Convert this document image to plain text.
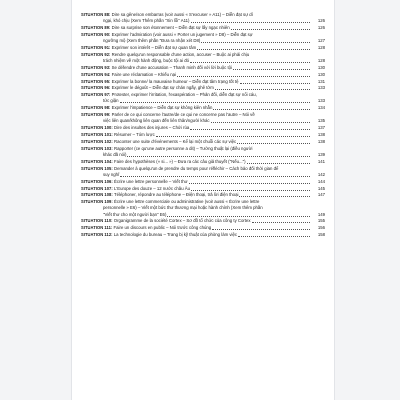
SITUATION 88:
Dire sa gêne/son embarras (voir aussi « S'excuser » A11) – Diễn đạt sự dí
ngại, khó chịu (Xem Thêm phần "Xin lỗi" A11)	126
SITUATION 89:
Dire sa surprise son étonnement – Diễn đạt sự lấy ngạc nhiên	126
SITUATION 90:
Exprimer l'admiration (voir aussi « Porter un jugement » D8) – Diễn đạt sự
ngưỡng mộ (Xem thêm phần "Đưa ra nhận xét D8)	127
SITUATION 91:
Exprimer son intérêt – Diễn đạt sự quan tâm	128
SITUATION 92:
Rendre quelqu'un responsable d'une action, accuser – Buộc ai phải chịu
trách nhiệm về một hành động, buộc tội ai đó	128
SITUATION 93:
Se défendre d'une accusation – Thanh minh đối với lời buộc tội	130
SITUATION 94:
Faire une réclamation – Khiếu nại	130
SITUATION 95:
Exprimer la bonne/ la mauvaise humeur – Diễn đạt tâm trạng tốt tệ	131
SITUATION 96:
Exprimer le dégoût – Diễn đạt sự chán ngấy, ghê tởm	133
SITUATION 97:
Protester, exprimer l'irritation, l'exaspération – Phản đối, diễn đạt sự nổi cáu,
tức giận	133
SITUATION 98:
Exprimer l'impatience – Diễn đạt sự không kiên nhẫn	134
SITUATION 99:
Parler de ce qui concerne l'autre/de ce qui ne concerne pas l'autre – Nói về
việc liên quan/không liên quan đến liên thân/người khác	135
SITUATION 100:
Dire des insultes des injures – Chửi rủa	137
SITUATION 101:
Résumer – Tóm lược	138
SITUATION 102:
Raconter une suite d'événements – Kể lại một chuỗi các sự việc	138
SITUATION 103:
Rapporter (ce qu'une autre personne a dit) – Tường thuật lại (điều người
khác đã nói)	139
SITUATION 104:
Faire des hypothèses (« si... ») – Đưa ra các câu giả thuyết ("Nếu...")	141
SITUATION 105:
Demander à quelqu'un de prendre du temps pour réfléchir – Cách bảo đối thời gian để
suy nghĩ	142
SITUATION 106:
Écrire une lettre personnelle – Viết thư	144
SITUATION 107:
L'Europe des douze – 12 nước châu Âu	145
SITUATION 108:
Téléphoner, répondre au téléphone – Điện thoại, trả lời điện thoại	147
SITUATION 109:
Écrire une lettre commerciale ou administrative (voir aussi « Écrire une lettre
personnelle » E6) – Viết một bức thư thương mại hoặc hành chính (Xem thêm phần
"Viết thư cho một người bạn" E6)	149
SITUATION 110:
Organigramme de la société Cortex – Sơ đồ tổ chức của công ty Cortex	155
SITUATION 111:
Faire un discours en public – Nói trước công chúng	156
SITUATION 112:
La technologie du bureau – Trang bị kỹ thuật của phòng làm việc	158
